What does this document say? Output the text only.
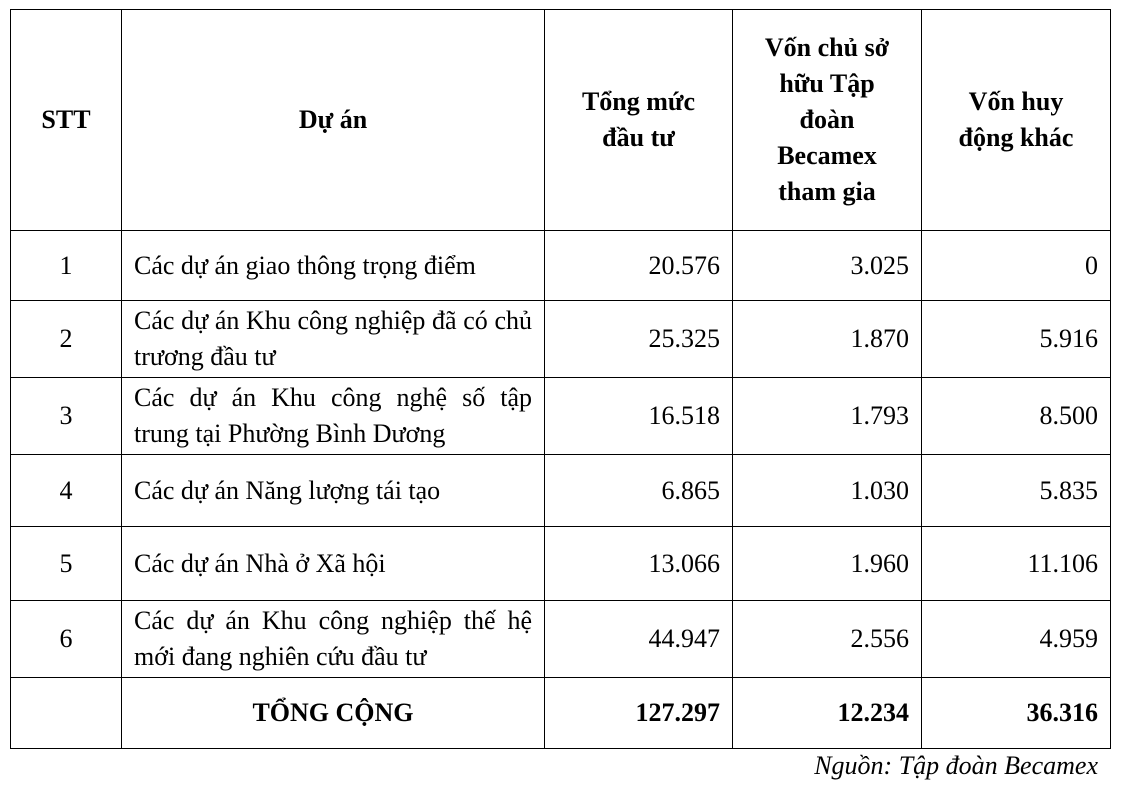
STT	Dự án	Tổng mức đầu tư	Vốn chủ sở hữu Tập đoàn Becamex tham gia	Vốn huy động khác
1	Các dự án giao thông trọng điểm	20.576	3.025	0
2	Các dự án Khu công nghiệp đã có chủ trương đầu tư	25.325	1.870	5.916
3	Các dự án Khu công nghệ số tập trung tại Phường Bình Dương	16.518	1.793	8.500
4	Các dự án Năng lượng tái tạo	6.865	1.030	5.835
5	Các dự án Nhà ở Xã hội	13.066	1.960	11.106
6	Các dự án Khu công nghiệp thế hệ mới đang nghiên cứu đầu tư	44.947	2.556	4.959
	TỔNG CỘNG	127.297	12.234	36.316
Nguồn: Tập đoàn Becamex
